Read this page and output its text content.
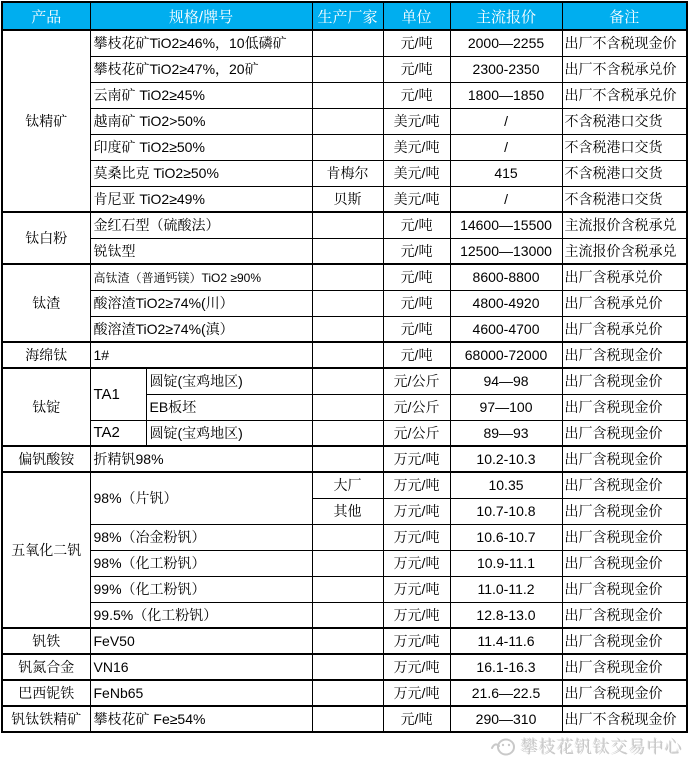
产品	规格/牌号		生产厂家	单位	主流报价	备注
钛精矿	攀枝花矿TiO2≥46%，10低磷矿			元/吨	2000—2255	出厂不含税现金价
	攀枝花矿TiO2≥47%，20矿			元/吨	2300-2350	出厂不含税承兑价
	云南矿 TiO2≥45%			元/吨	1800—1850	出厂不含税承兑价
	越南矿 TiO2>50%			美元/吨	/	不含税港口交货
	印度矿 TiO2≥50%			美元/吨	/	不含税港口交货
	莫桑比克 TiO2≥50%		肯梅尔	美元/吨	415	不含税港口交货
	肯尼亚 TiO2≥49%		贝斯	美元/吨	/	不含税港口交货
钛白粉	金红石型（硫酸法）			元/吨	14600—15500	主流报价含税承兑
	锐钛型			元/吨	12500—13000	主流报价含税承兑
钛渣	高钛渣（普通钙镁）TiO2 ≥90%			元/吨	8600-8800	出厂含税承兑价
	酸溶渣TiO2≥74%(川）			元/吨	4800-4920	出厂含税承兑价
	酸溶渣TiO2≥74%(滇）			元/吨	4600-4700	出厂含税承兑价
海绵钛	1#			元/吨	68000-72000	出厂含税现金价
钛锭	TA1	圆锭(宝鸡地区)		元/公斤	94—98	出厂含税现金价
		EB板坯		元/公斤	97—100	出厂含税现金价
	TA2	圆锭(宝鸡地区)		元/公斤	89—93	出厂含税现金价
偏钒酸铵	折精钒98%			万元/吨	10.2-10.3	出厂含税现金价
五氧化二钒	98%（片钒）		大厂	万元/吨	10.35	出厂含税现金价
			其他	万元/吨	10.7-10.8	出厂含税现金价
	98%（冶金粉钒）			万元/吨	10.6-10.7	出厂含税现金价
	98%（化工粉钒）			万元/吨	10.9-11.1	出厂含税现金价
	99%（化工粉钒）			万元/吨	11.0-11.2	出厂含税现金价
	99.5%（化工粉钒）			万元/吨	12.8-13.0	出厂含税现金价
钒铁	FeV50			万元/吨	11.4-11.6	出厂含税现金价
钒氮合金	VN16			万元/吨	16.1-16.3	出厂含税现金价
巴西铌铁	FeNb65			万元/吨	21.6—22.5	出厂含税现金价
钒钛铁精矿	攀枝花矿 Fe≥54%			元/吨	290—310	出厂不含税现金价
攀枝花钒钛交易中心
